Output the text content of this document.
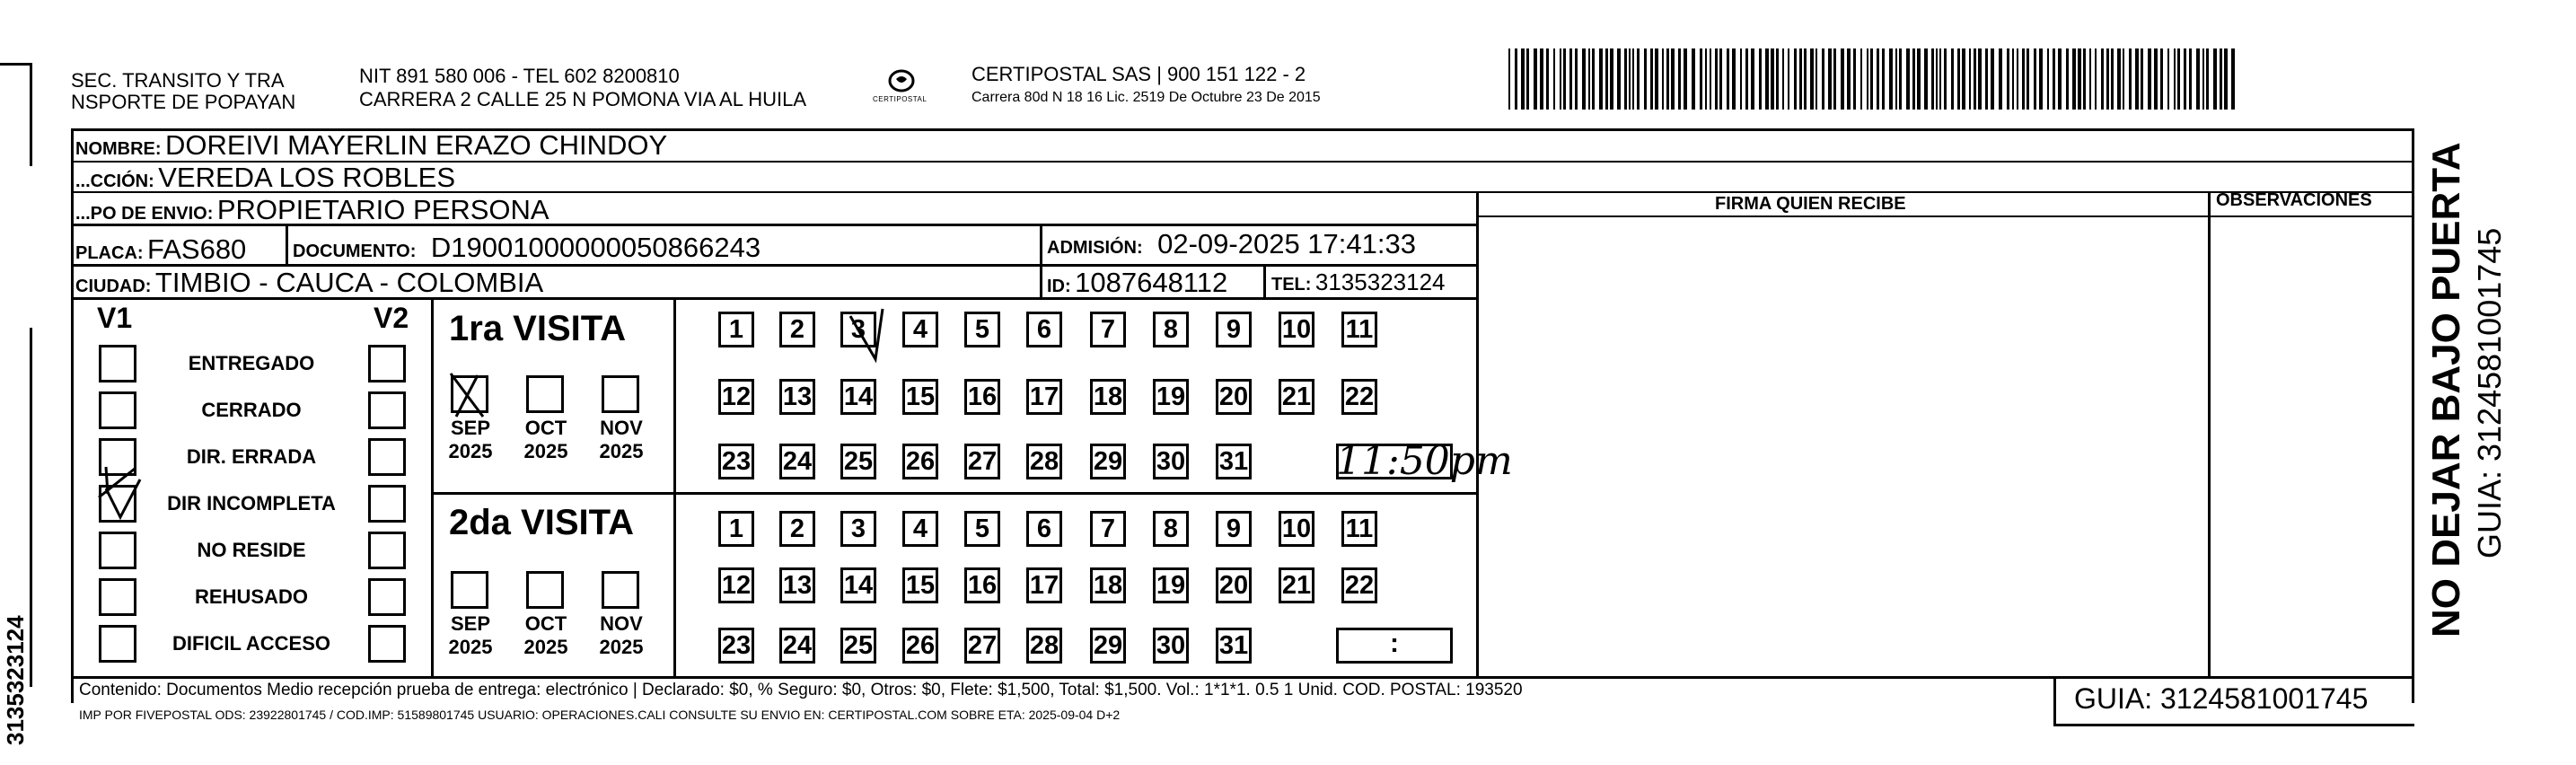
3135323124
SEC. TRANSITO Y TRA
NSPORTE DE POPAYAN
NIT 891 580 006 - TEL 602 8200810
CARRERA 2 CALLE 25 N POMONA VIA AL HUILA	CERTIPOSTAL
CERTIPOSTAL SAS | 900 151 122 - 2
Carrera 80d N 18 16 Lic. 2519 De Octubre 23 De 2015
NOMBRE: DOREIVI MAYERLIN ERAZO CHINDOY
...CCIÓN: VEREDA LOS ROBLES
...PO DE ENVIO: PROPIETARIO PERSONA	FIRMA QUIEN RECIBE	OBSERVACIONES
PLACA: FAS680	DOCUMENTO: D19001000000050866243	ADMISIÓN: 02-09-2025 17:41:33
CIUDAD: TIMBIO - CAUCA - COLOMBIA	ID: 1087648112 TEL: 3135323124
V1	V2 1ra VISITA
2da VISITA
Contenido: Documentos Medio recepción prueba de entrega: electrónico | Declarado: $0, % Seguro: $0, Otros: $0, Flete: $1,500, Total: $1,500. Vol.: 1*1*1. 0.5 1 Unid. COD. POSTAL: 193520
IMP POR FIVEPOSTAL ODS: 23922801745 / COD.IMP: 51589801745 USUARIO: OPERACIONES.CALI CONSULTE SU ENVIO EN: CERTIPOSTAL.COM SOBRE ETA: 2025-09-04 D+2	GUIA: 3124581001745
NO DEJAR BAJO PUERTA GUIA: 3124581001745
ENTREGADO
CERRADO
DIR. ERRADA
DIR INCOMPLETA
NO RESIDE
REHUSADO
DIFICIL ACCESO
SEP
2025
OCT
2025
NOV
2025
SEP
2025
OCT
2025
NOV
2025
1	2	3	4	5	6	7	8	9	10 11
12 13 14 15 16 17 18 19 20 21 22
23 24 25 26 27 28 29 30 31
1	2	3	4	5	6	7	8	9	10 11
12 13 14 15 16 17 18 19 20 21 22
23 24 25 26 27 28 29 30 31
11:50pm
:
